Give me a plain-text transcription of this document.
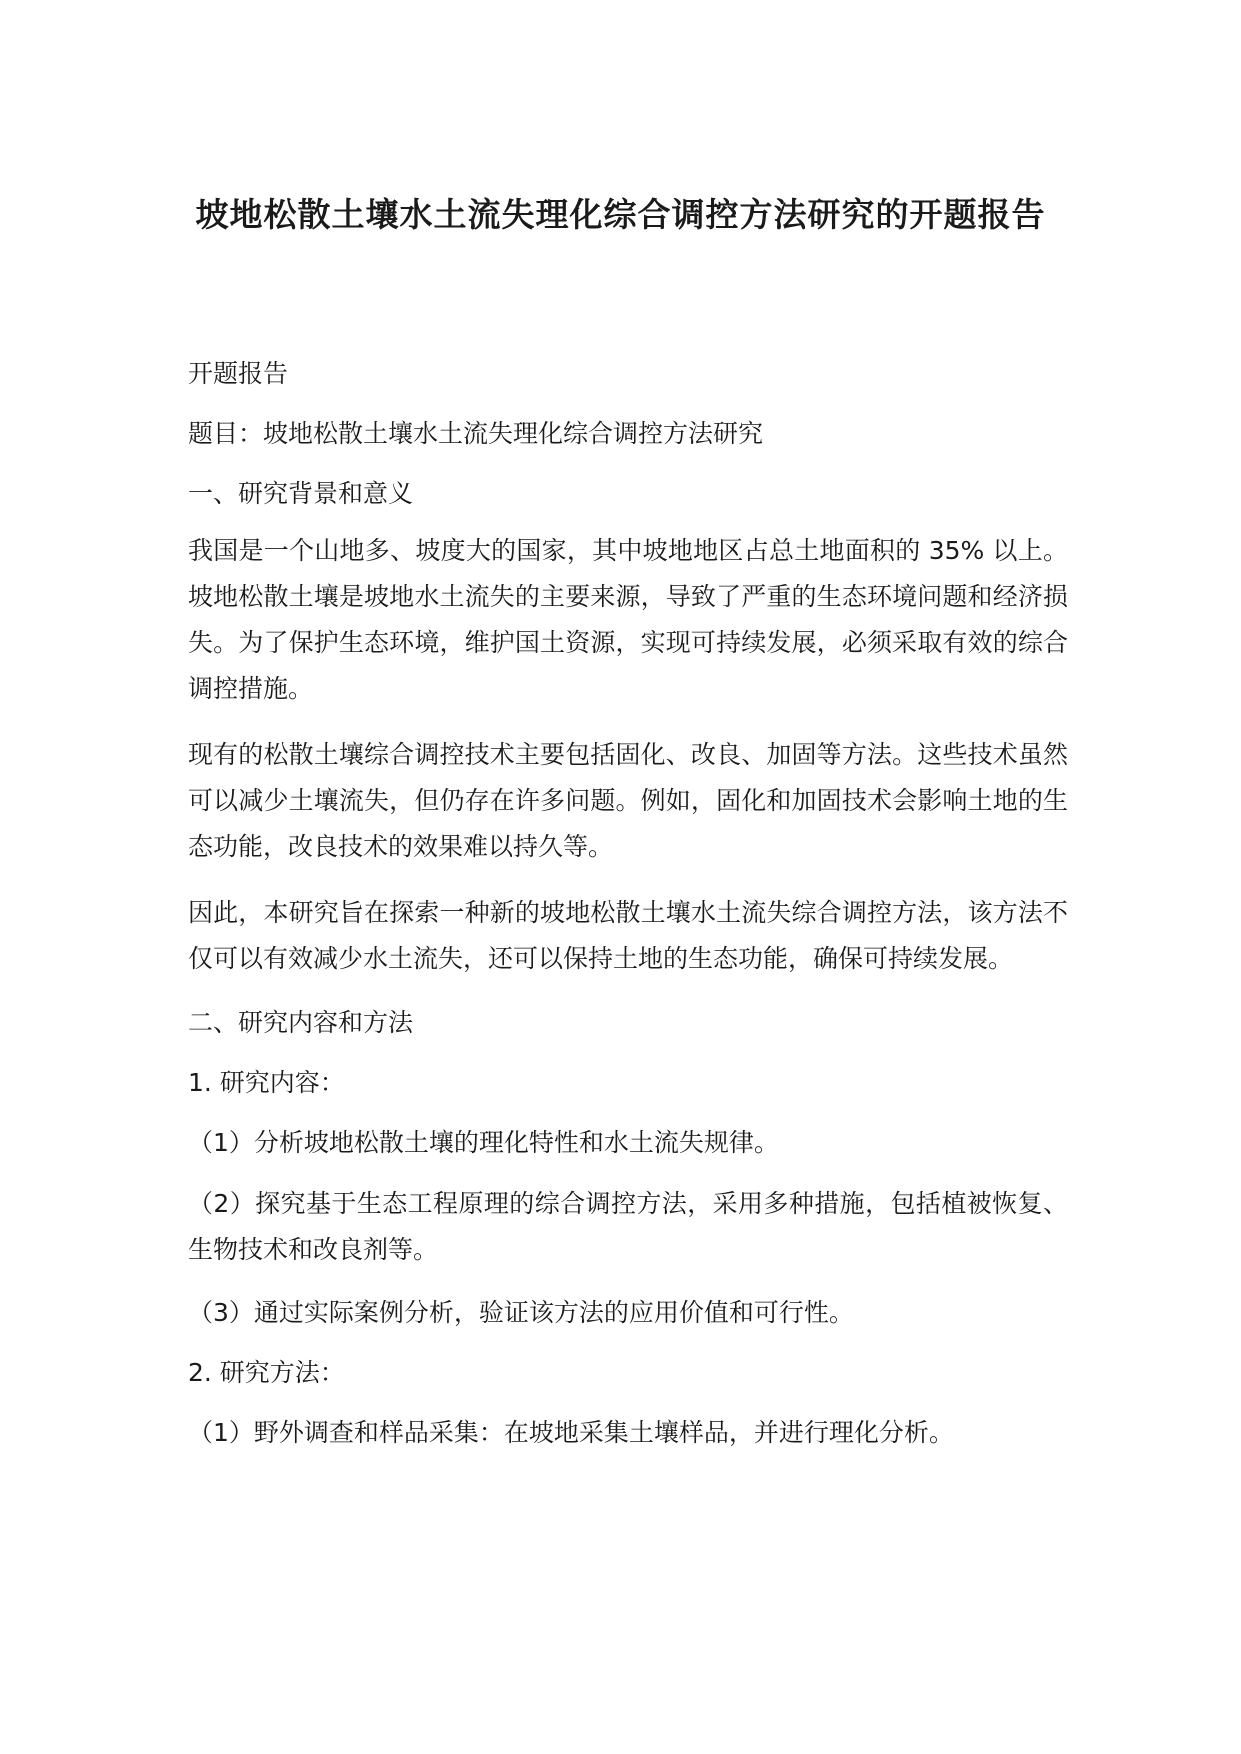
坡地松散土壤水土流失理化综合调控方法研究的开题报告

开题报告

题目：坡地松散土壤水土流失理化综合调控方法研究

一、研究背景和意义

我国是一个山地多、坡度大的国家，其中坡地地区占总土地面积的 35% 以上。坡地松散土壤是坡地水土流失的主要来源，导致了严重的生态环境问题和经济损失。为了保护生态环境，维护国土资源，实现可持续发展，必须采取有效的综合调控措施。

现有的松散土壤综合调控技术主要包括固化、改良、加固等方法。这些技术虽然可以减少土壤流失，但仍存在许多问题。例如，固化和加固技术会影响土地的生态功能，改良技术的效果难以持久等。

因此，本研究旨在探索一种新的坡地松散土壤水土流失综合调控方法，该方法不仅可以有效减少水土流失，还可以保持土地的生态功能，确保可持续发展。

二、研究内容和方法

1. 研究内容：

（1）分析坡地松散土壤的理化特性和水土流失规律。

（2）探究基于生态工程原理的综合调控方法，采用多种措施，包括植被恢复、生物技术和改良剂等。

（3）通过实际案例分析，验证该方法的应用价值和可行性。

2. 研究方法：

（1）野外调查和样品采集：在坡地采集土壤样品，并进行理化分析。
